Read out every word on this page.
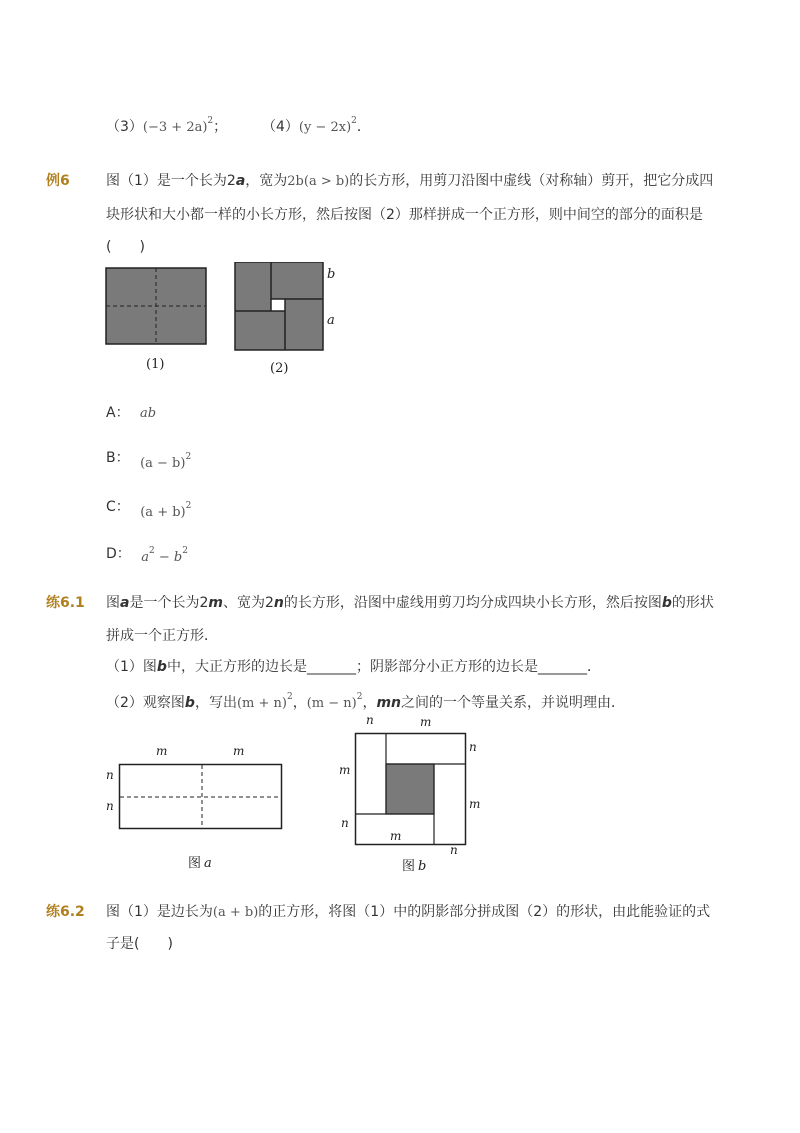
$(3)(-3 + 2a)^2$； $(4)(y - 2x)^2$．
例6	图（1）是一个长为2a，宽为2b(a > b)的长方形，用剪刀沿图中虚线（对称轴）剪开，把它分成四
块形状和大小都一样的小长方形，然后按图（2）那样拼成一个正方形，则中间空的部分的面积是
(　　)
b
a
(1)	(2)
A： ab
B： $(a - b)^2$
C： $(a + b)^2$
D： $a^2 - b^2$
练6.1 图a是一个长为2m、宽为2n的长方形，沿图中虚线用剪刀均分成四块小长方形，然后按图b的形状
拼成一个正方形．
（1）图b中，大正方形的边长是_______；阴影部分小正方形的边长是_______．
（2）观察图b，写出$(m + n)^2$，$(m - n)^2$，mn之间的一个等量关系，并说明理由．
m	m
n
n
图 a
n	m
n
m
m
n
m
n
图 b
练6.2 图（1）是边长为(a + b)的正方形，将图（1）中的阴影部分拼成图（2）的形状，由此能验证的式
子是(　　)
